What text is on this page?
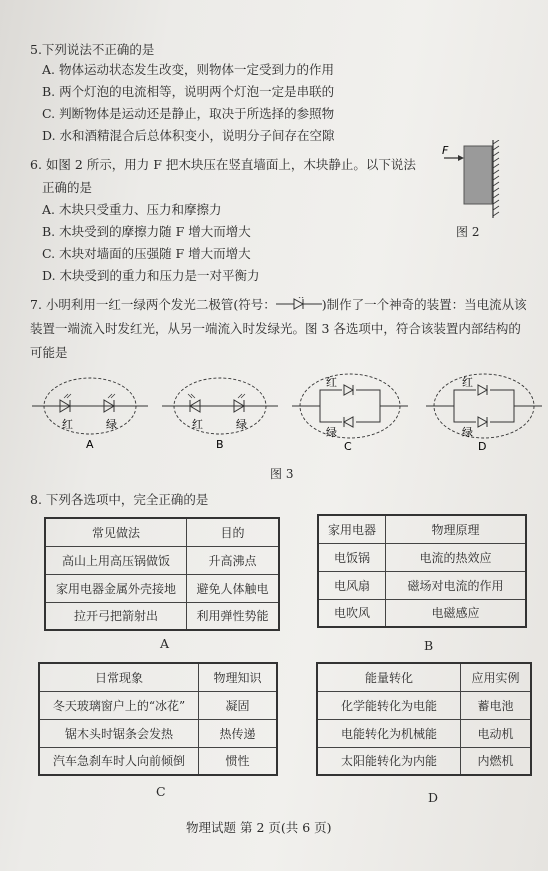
5.下列说法不正确的是
A. 物体运动状态发生改变，则物体一定受到力的作用
B. 两个灯泡的电流相等，说明两个灯泡一定是串联的
C. 判断物体是运动还是静止，取决于所选择的参照物
D. 水和酒精混合后总体积变小，说明分子间存在空隙
6. 如图 2 所示，用力 F 把木块压在竖直墙面上，木块静止。以下说法
正确的是
A. 木块只受重力、压力和摩擦力
B. 木块受到的摩擦力随 F 增大而增大
C. 木块对墙面的压强随 F 增大而增大
D. 木块受到的重力和压力是一对平衡力
F
图 2
7. 小明利用一红一绿两个发光二极管(符号：	)制作了一个神奇的装置：当电流从该
装置一端流入时发红光，从另一端流入时发绿光。图 3 各选项中，符合该装置内部结构的
可能是
红	绿
A
红	绿
B
红
绿
C
红
绿
D
图 3
8. 下列各选项中，完全正确的是
常见做法	目的
高山上用高压锅做饭	升高沸点
家用电器金属外壳接地	避免人体触电
拉开弓把箭射出	利用弹性势能
A
家用电器	物理原理
电饭锅	电流的热效应
电风扇	磁场对电流的作用
电吹风	电磁感应
B
日常现象	物理知识
冬天玻璃窗户上的“冰花”	凝固
锯木头时锯条会发热	热传递
汽车急刹车时人向前倾倒	惯性
C
能量转化	应用实例
化学能转化为电能	蓄电池
电能转化为机械能	电动机
太阳能转化为内能	内燃机
D
物理试题 第 2 页(共 6 页)
